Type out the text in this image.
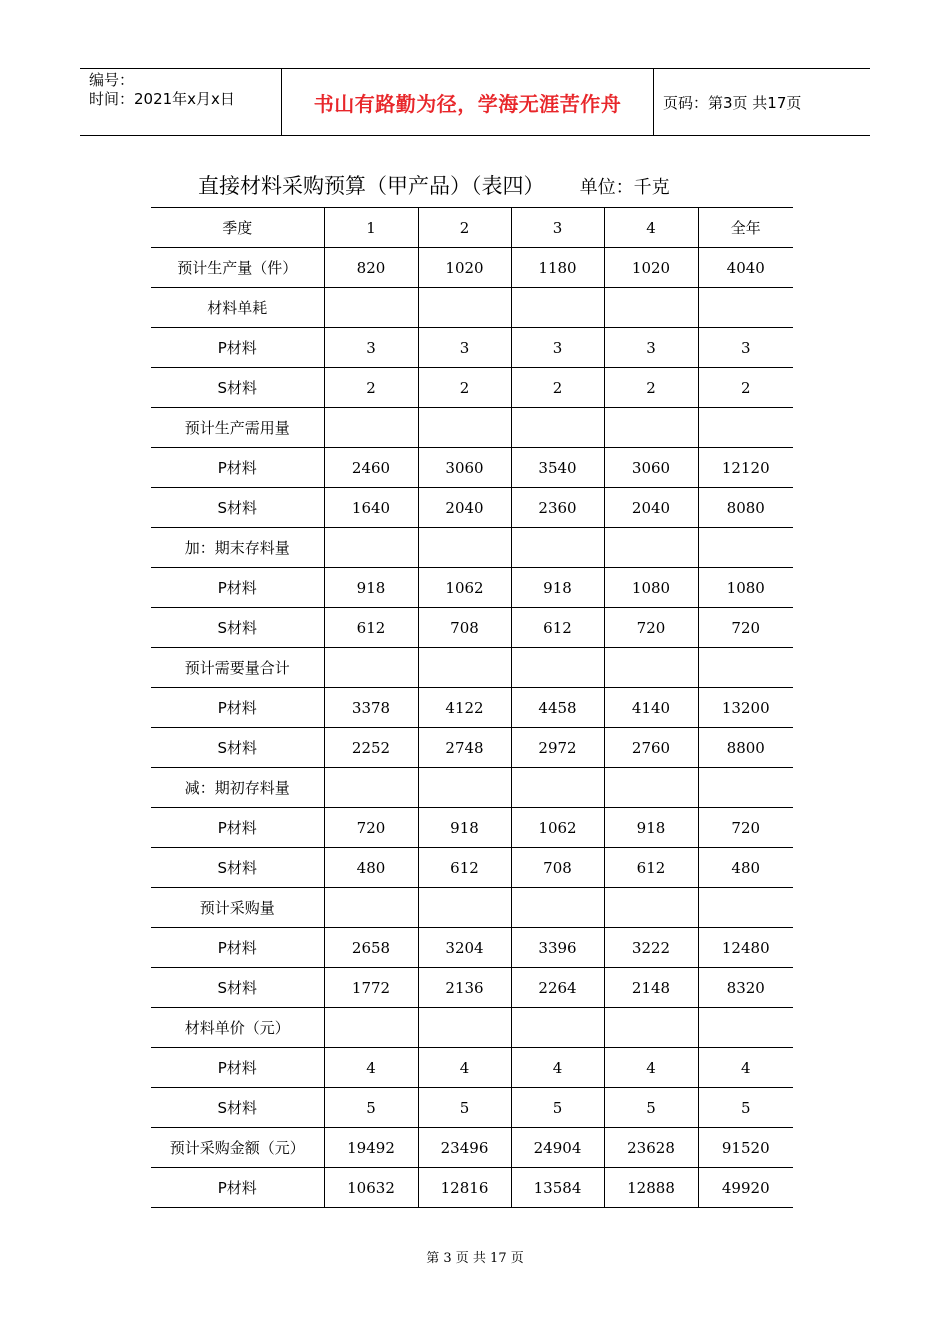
编号：
时间：2021年x月x日	书山有路勤为径，学海无涯苦作舟	页码：第3页 共17页
直接材料采购预算（甲产品）（表四） 单位：千克
季度	1	2	3	4	全年
预计生产量（件）	820	1020	1180	1020	4040
材料单耗					
P材料	3	3	3	3	3
S材料	2	2	2	2	2
预计生产需用量					
P材料	2460	3060	3540	3060	12120
S材料	1640	2040	2360	2040	8080
加：期末存料量					
P材料	918	1062	918	1080	1080
S材料	612	708	612	720	720
预计需要量合计					
P材料	3378	4122	4458	4140	13200
S材料	2252	2748	2972	2760	8800
减：期初存料量					
P材料	720	918	1062	918	720
S材料	480	612	708	612	480
预计采购量					
P材料	2658	3204	3396	3222	12480
S材料	1772	2136	2264	2148	8320
材料单价（元）					
P材料	4	4	4	4	4
S材料	5	5	5	5	5
预计采购金额（元）	19492	23496	24904	23628	91520
P材料	10632	12816	13584	12888	49920
第 3 页 共 17 页
